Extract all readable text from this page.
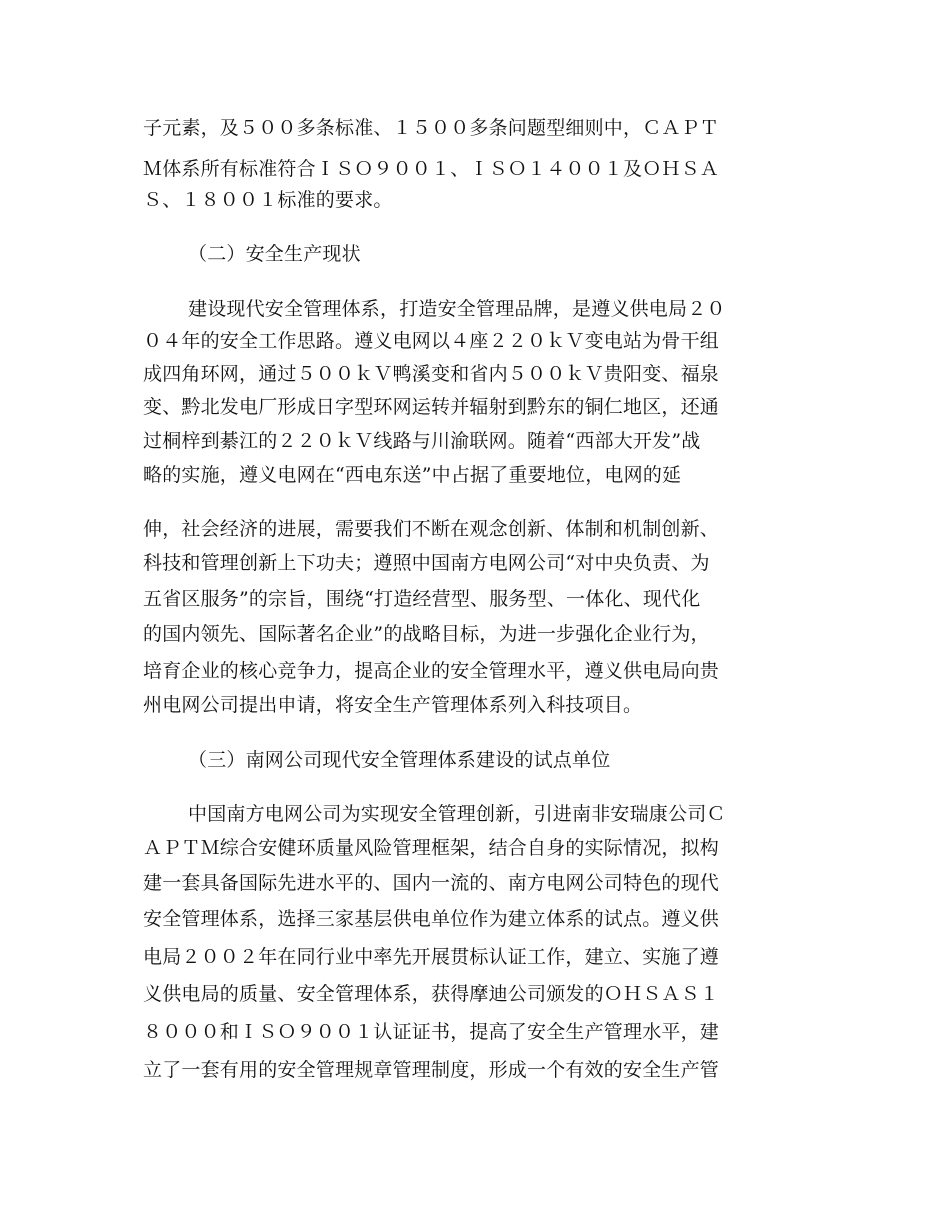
子元素，及５００多条标准、１５００多条问题型细则中，ＣＡＰＴ
Ｍ体系所有标准符合ＩＳＯ９００１、ＩＳＯ１４００１及ＯＨＳＡ
Ｓ、１８００１标准的要求。
（二）安全生产现状
建设现代安全管理体系，打造安全管理品牌，是遵义供电局２０
０４年的安全工作思路。遵义电网以４座２２０ｋＶ变电站为骨干组
成四角环网，通过５００ｋＶ鸭溪变和省内５００ｋＶ贵阳变、福泉
变、黔北发电厂形成日字型环网运转并辐射到黔东的铜仁地区，还通
过桐梓到綦江的２２０ｋＶ线路与川渝联网。随着“西部大开发”战
略的实施，遵义电网在“西电东送”中占据了重要地位，电网的延
伸，社会经济的进展，需要我们不断在观念创新、体制和机制创新、
科技和管理创新上下功夫；遵照中国南方电网公司“对中央负责、为
五省区服务”的宗旨，围绕“打造经营型、服务型、一体化、现代化
的国内领先、国际著名企业”的战略目标，为进一步强化企业行为，
培育企业的核心竞争力，提高企业的安全管理水平，遵义供电局向贵
州电网公司提出申请，将安全生产管理体系列入科技项目。
（三）南网公司现代安全管理体系建设的试点单位
中国南方电网公司为实现安全管理创新，引进南非安瑞康公司Ｃ
ＡＰＴＭ综合安健环质量风险管理框架，结合自身的实际情况，拟构
建一套具备国际先进水平的、国内一流的、南方电网公司特色的现代
安全管理体系，选择三家基层供电单位作为建立体系的试点。遵义供
电局２００２年在同行业中率先开展贯标认证工作，建立、实施了遵
义供电局的质量、安全管理体系，获得摩迪公司颁发的ＯＨＳＡＳ１
８０００和ＩＳＯ９００１认证证书，提高了安全生产管理水平，建
立了一套有用的安全管理规章管理制度，形成一个有效的安全生产管
